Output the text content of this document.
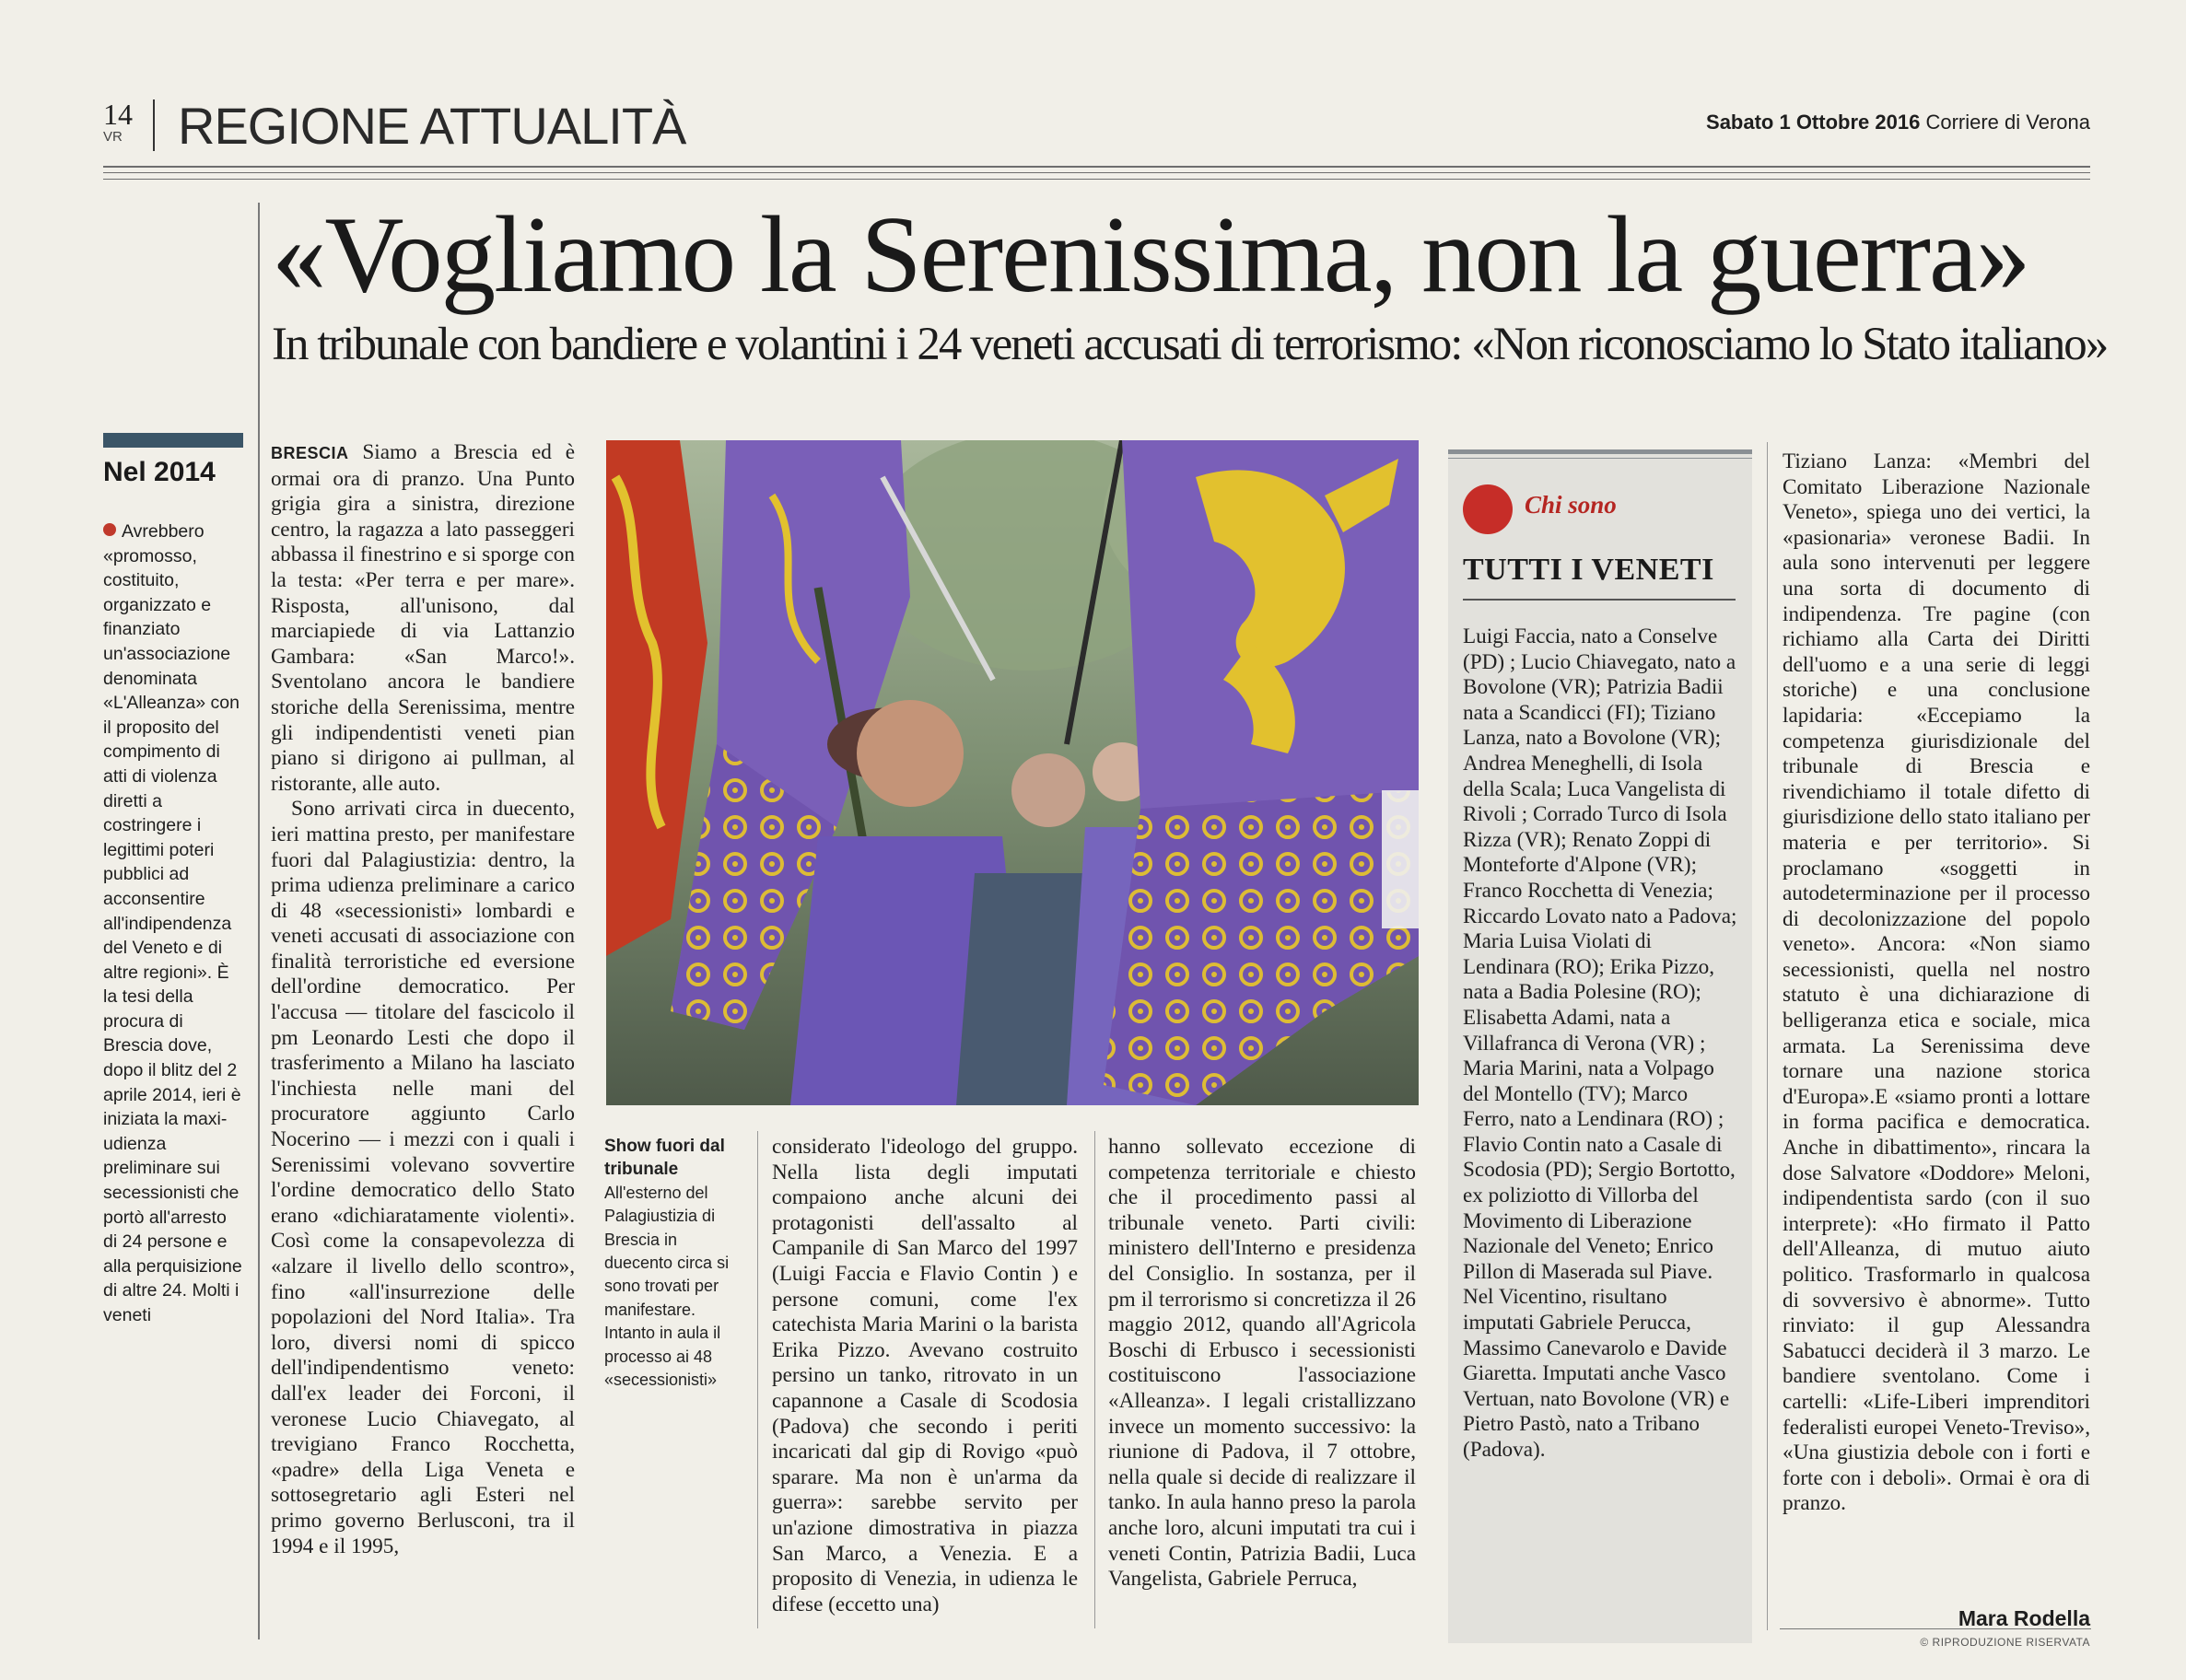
14
VR REGIONE ATTUALITÀ	Sabato 1 Ottobre 2016 Corriere di Verona
«Vogliamo la Serenissima, non la guerra»
In tribunale con bandiere e volantini i 24 veneti accusati di terrorismo: «Non riconosciamo lo Stato italiano»
Nel 2014
Avrebbero «promosso, costituito, organizzato e finanziato un'associazione denominata «L'Alleanza» con il proposito del compimento di atti di violenza diretti a costringere i legittimi poteri pubblici ad acconsentire all'indipendenza del Veneto e di altre regioni». È la tesi della procura di Brescia dove, dopo il blitz del 2 aprile 2014, ieri è iniziata la maxi-udienza preliminare sui secessionisti che portò all'arresto di 24 persone e alla perquisizione di altre 24. Molti i veneti

BRESCIA Siamo a Brescia ed è ormai ora di pranzo. Una Punto grigia gira a sinistra, direzione centro, la ragazza a lato passeggeri abbassa il finestrino e si sporge con la testa: «Per terra e per mare». Risposta, all'unisono, dal marciapiede di via Lattanzio Gambara: «San Marco!». Sventolano ancora le bandiere storiche della Serenissima, mentre gli indipendentisti veneti pian piano si dirigono ai pullman, al ristorante, alle auto.

Sono arrivati circa in duecento, ieri mattina presto, per manifestare fuori dal Palagiustizia: dentro, la prima udienza preliminare a carico di 48 «secessionisti» lombardi e veneti accusati di associazione con finalità terroristiche ed eversione dell'ordine democratico. Per l'accusa — titolare del fascicolo il pm Leonardo Lesti che dopo il trasferimento a Milano ha lasciato l'inchiesta nelle mani del procuratore aggiunto Carlo Nocerino — i mezzi con i quali i Serenissimi volevano sovvertire l'ordine democratico dello Stato erano «dichiaratamente violenti». Così come la consapevolezza di «alzare il livello dello scontro», fino «all'insurrezione delle popolazioni del Nord Italia». Tra loro, diversi nomi di spicco dell'indipendentismo veneto: dall'ex leader dei Forconi, il veronese Lucio Chiavegato, al trevigiano Franco Rocchetta, «padre» della Liga Veneta e sottosegretario agli Esteri nel primo governo Berlusconi, tra il 1994 e il 1995,

Show fuori dal tribunale
All'esterno del Palagiustizia di Brescia in duecento circa si sono trovati per manifestare. Intanto in aula il processo ai 48 «secessionisti»

considerato l'ideologo del gruppo. Nella lista degli imputati compaiono anche alcuni dei protagonisti dell'assalto al Campanile di San Marco del 1997 (Luigi Faccia e Flavio Contin ) e persone comuni, come l'ex catechista Maria Marini o la barista Erika Pizzo. Avevano costruito persino un tanko, ritrovato in un capannone a Casale di Scodosia (Padova) che secondo i periti incaricati dal gip di Rovigo «può sparare. Ma non è un'arma da guerra»: sarebbe servito per un'azione dimostrativa in piazza San Marco, a Venezia. E a proposito di Venezia, in udienza le difese (eccetto una)

hanno sollevato eccezione di competenza territoriale e chiesto che il procedimento passi al tribunale veneto. Parti civili: ministero dell'Interno e presidenza del Consiglio. In sostanza, per il pm il terrorismo si concretizza il 26 maggio 2012, quando all'Agricola Boschi di Erbusco i secessionisti costituiscono l'associazione «Alleanza». I legali cristallizzano invece un momento successivo: la riunione di Padova, il 7 ottobre, nella quale si decide di realizzare il tanko. In aula hanno preso la parola anche loro, alcuni imputati tra cui i veneti Contin, Patrizia Badii, Luca Vangelista, Gabriele Perruca,

Chi sono
TUTTI I VENETI
Luigi Faccia, nato a Conselve (PD) ; Lucio Chiavegato, nato a Bovolone (VR); Patrizia Badii nata a Scandicci (FI); Tiziano Lanza, nato a Bovolone (VR); Andrea Meneghelli, di Isola della Scala; Luca Vangelista di Rivoli ; Corrado Turco di Isola Rizza (VR); Renato Zoppi di Monteforte d'Alpone (VR); Franco Rocchetta di Venezia; Riccardo Lovato nato a Padova; Maria Luisa Violati di Lendinara (RO); Erika Pizzo, nata a Badia Polesine (RO); Elisabetta Adami, nata a Villafranca di Verona (VR) ; Maria Marini, nata a Volpago del Montello (TV); Marco Ferro, nato a Lendinara (RO) ; Flavio Contin nato a Casale di Scodosia (PD); Sergio Bortotto, ex poliziotto di Villorba del Movimento di Liberazione Nazionale del Veneto; Enrico Pillon di Maserada sul Piave. Nel Vicentino, risultano imputati Gabriele Perucca, Massimo Canevarolo e Davide Giaretta. Imputati anche Vasco Vertuan, nato Bovolone (VR) e Pietro Pastò, nato a Tribano (Padova).

Tiziano Lanza: «Membri del Comitato Liberazione Nazionale Veneto», spiega uno dei vertici, la «pasionaria» veronese Badii. In aula sono intervenuti per leggere una sorta di documento di indipendenza. Tre pagine (con richiamo alla Carta dei Diritti dell'uomo e a una serie di leggi storiche) e una conclusione lapidaria: «Eccepiamo la competenza giurisdizionale del tribunale di Brescia e rivendichiamo il totale difetto di giurisdizione dello stato italiano per materia e per territorio». Si proclamano «soggetti in autodeterminazione per il processo di decolonizzazione del popolo veneto». Ancora: «Non siamo secessionisti, quella nel nostro statuto è una dichiarazione di belligeranza etica e sociale, mica armata. La Serenissima deve tornare una nazione storica d'Europa».E «siamo pronti a lottare in forma pacifica e democratica. Anche in dibattimento», rincara la dose Salvatore «Doddore» Meloni, indipendentista sardo (con il suo interprete): «Ho firmato il Patto dell'Alleanza, di mutuo aiuto politico. Trasformarlo in qualcosa di sovversivo è abnorme». Tutto rinviato: il gup Alessandra Sabatucci deciderà il 3 marzo. Le bandiere sventolano. Come i cartelli: «Life-Liberi imprenditori federalisti europei Veneto-Treviso», «Una giustizia debole con i forti e forte con i deboli». Ormai è ora di pranzo.

Mara Rodella
© RIPRODUZIONE RISERVATA
